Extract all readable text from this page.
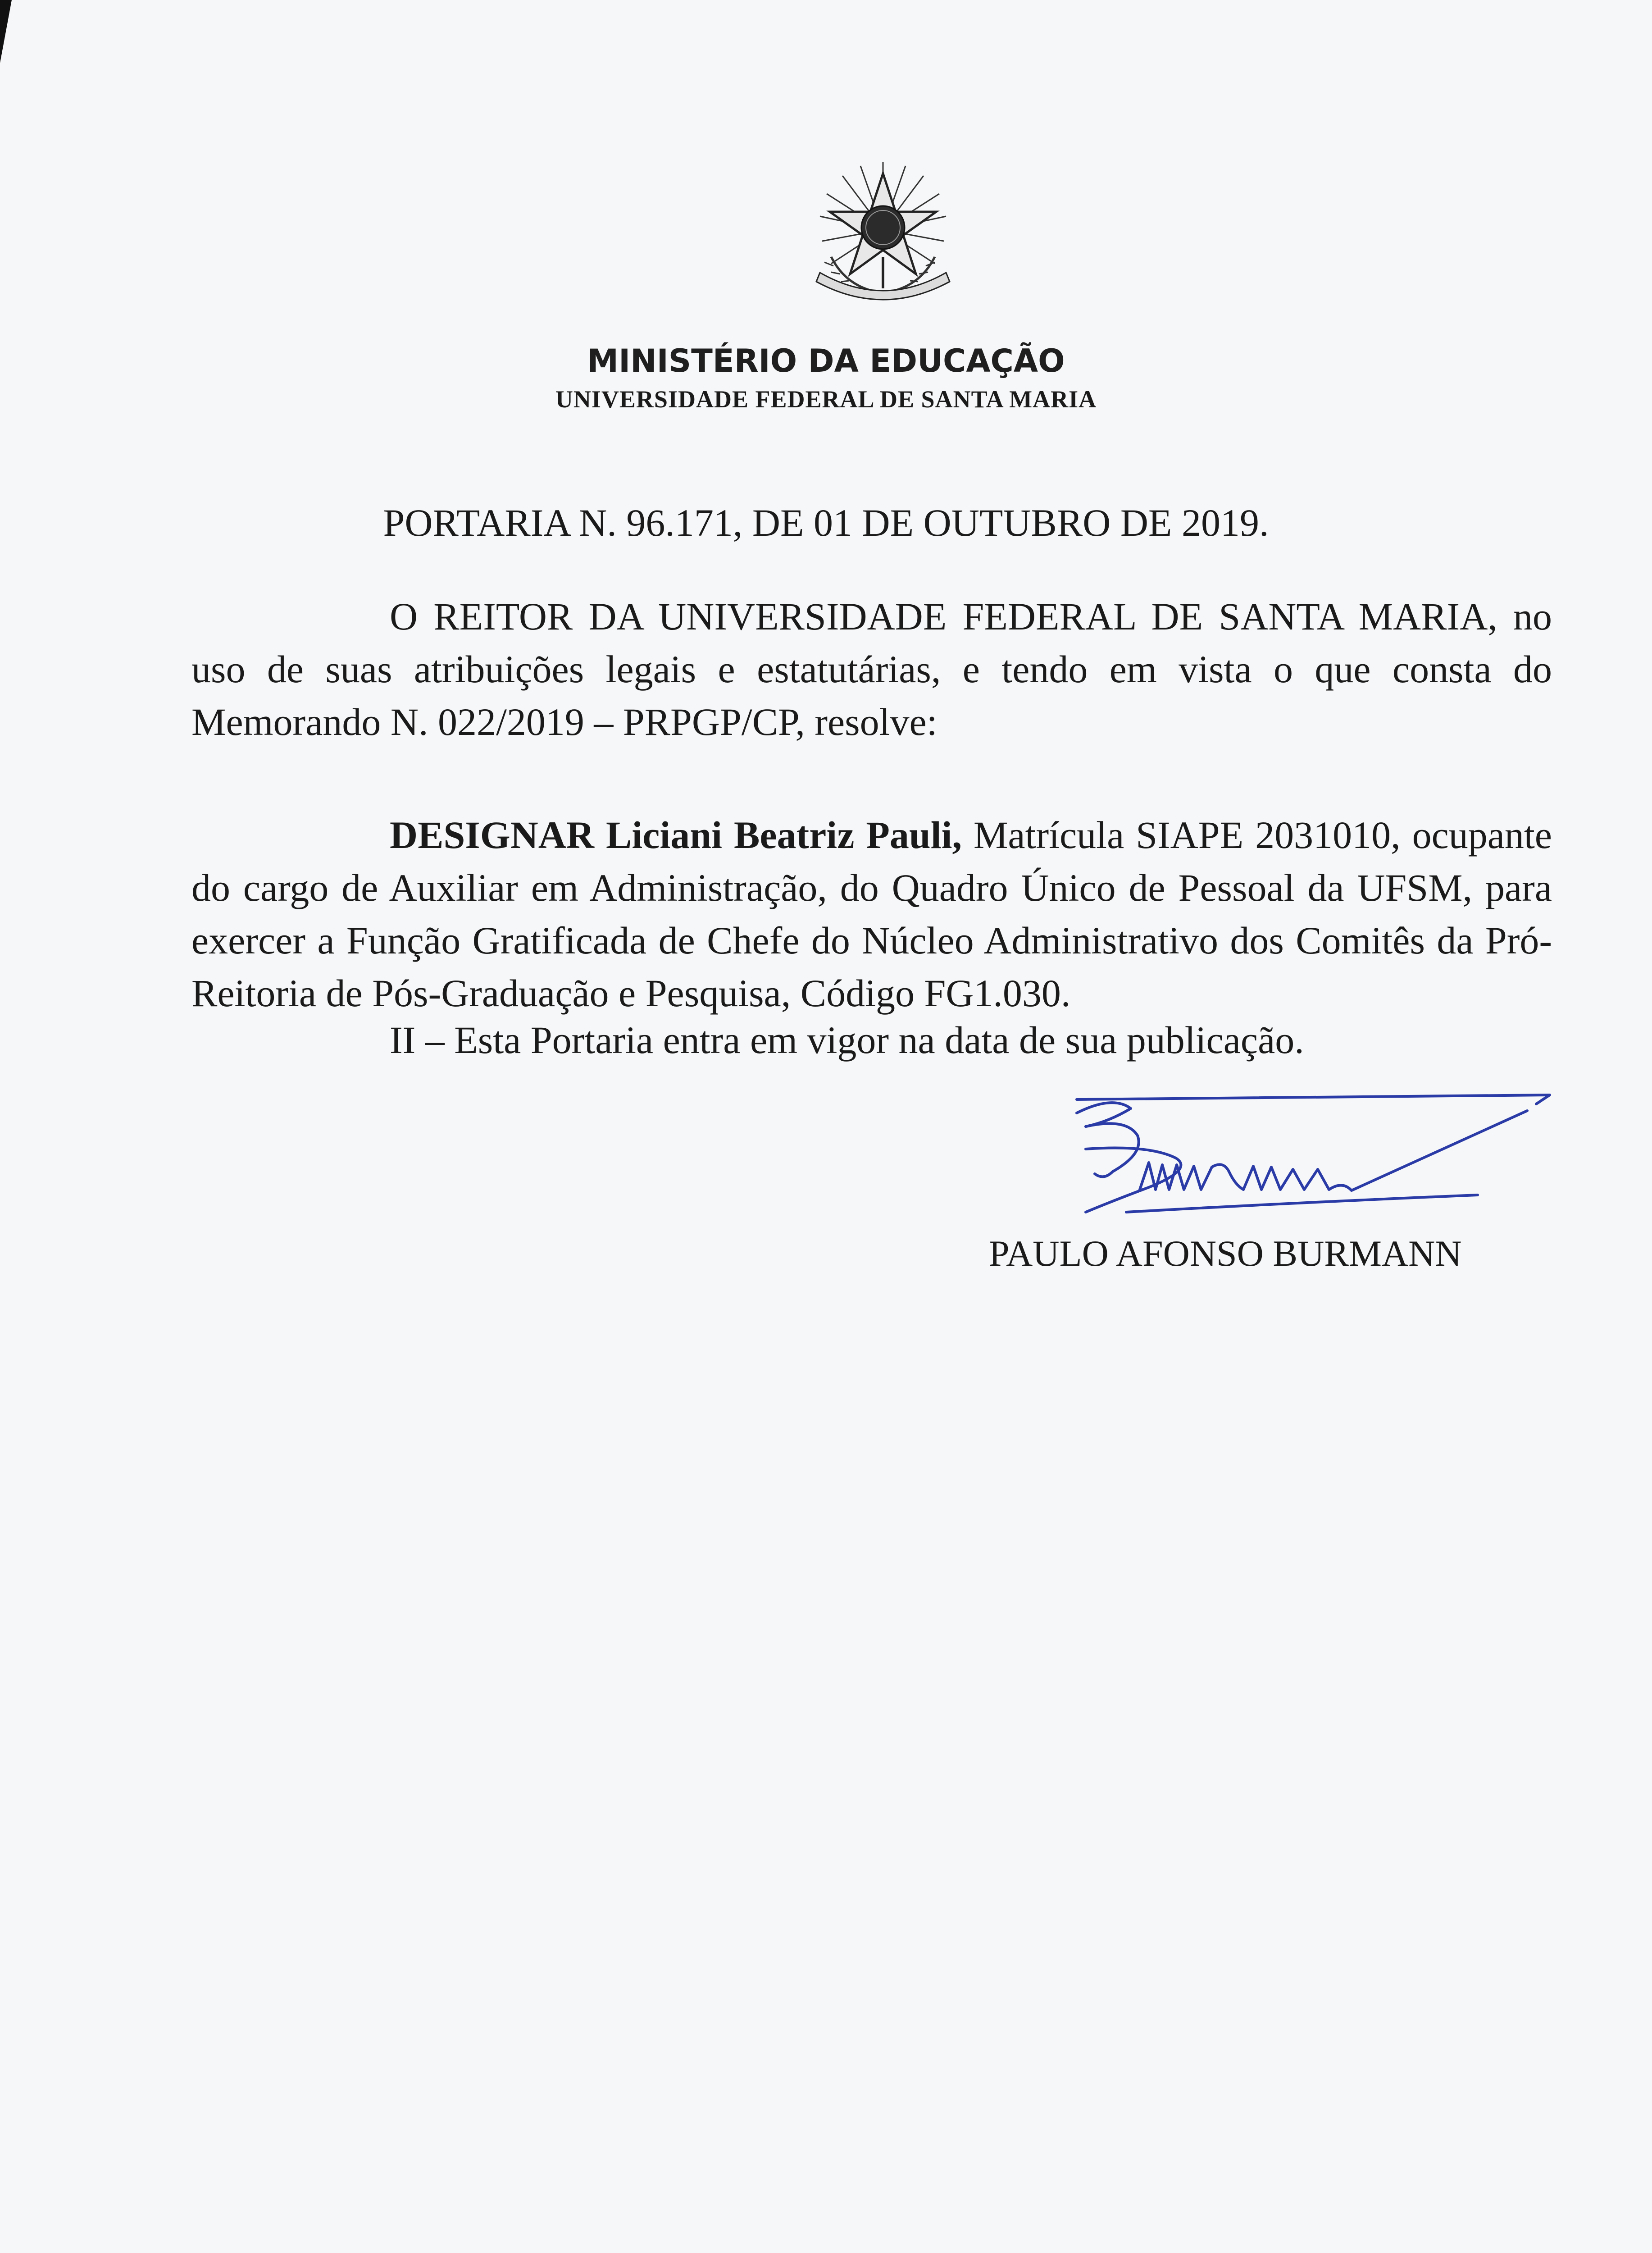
MINISTÉRIO DA EDUCAÇÃO
UNIVERSIDADE FEDERAL DE SANTA MARIA
PORTARIA N. 96.171, DE 01 DE OUTUBRO DE 2019.
O REITOR DA UNIVERSIDADE FEDERAL DE SANTA MARIA, no uso de suas atribuições legais e estatutárias, e tendo em vista o que consta do Memorando N. 022/2019 – PRPGP/CP, resolve:
DESIGNAR Liciani Beatriz Pauli, Matrícula SIAPE 2031010, ocupante do cargo de Auxiliar em Administração, do Quadro Único de Pessoal da UFSM, para exercer a Função Gratificada de Chefe do Núcleo Administrativo dos Comitês da Pró-Reitoria de Pós-Graduação e Pesquisa, Código FG1.030.
II – Esta Portaria entra em vigor na data de sua publicação.
PAULO AFONSO BURMANN
